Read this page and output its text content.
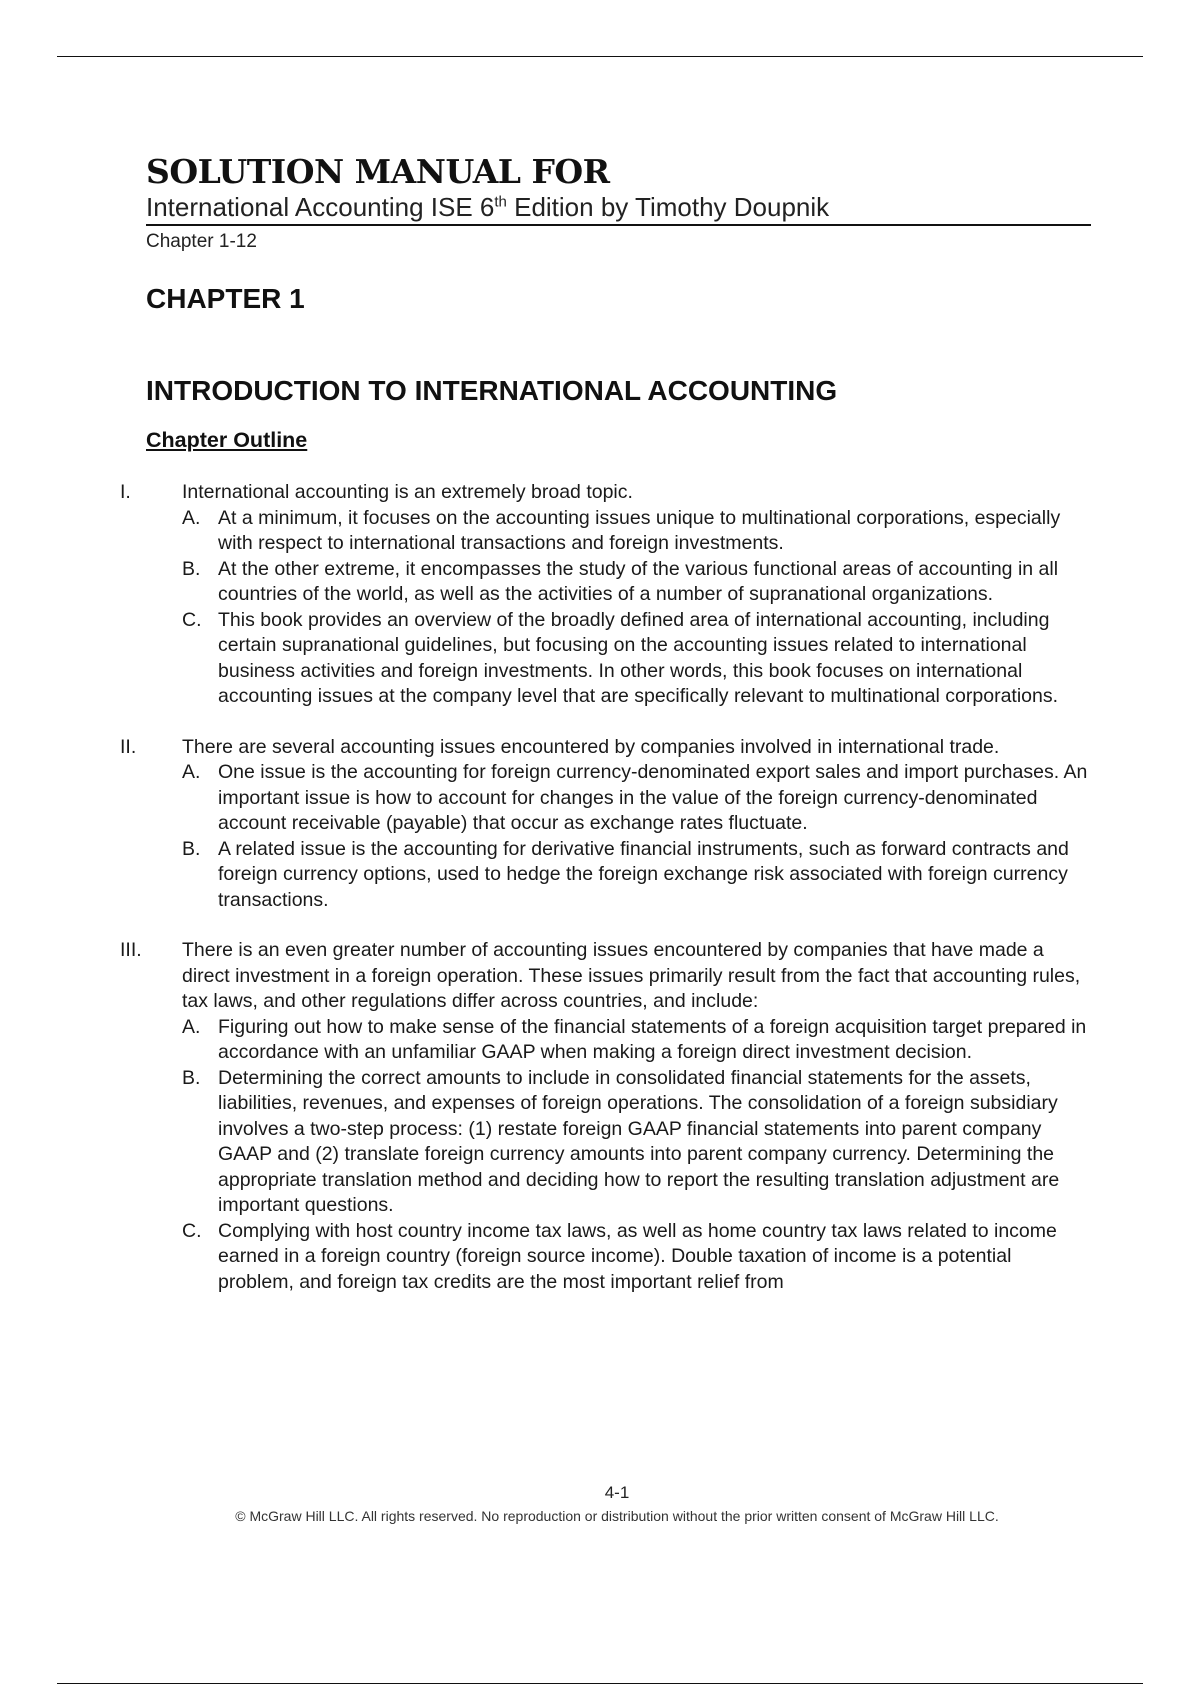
SOLUTION MANUAL FOR
International Accounting ISE 6th Edition by Timothy Doupnik
Chapter 1-12
CHAPTER 1
INTRODUCTION TO INTERNATIONAL ACCOUNTING
Chapter Outline
I.	International accounting is an extremely broad topic.
A. At a minimum, it focuses on the accounting issues unique to multinational corporations, especially with respect to international transactions and foreign investments.
B. At the other extreme, it encompasses the study of the various functional areas of accounting in all countries of the world, as well as the activities of a number of supranational organizations.
C. This book provides an overview of the broadly defined area of international accounting, including certain supranational guidelines, but focusing on the accounting issues related to international business activities and foreign investments. In other words, this book focuses on international accounting issues at the company level that are specifically relevant to multinational corporations.
II.	There are several accounting issues encountered by companies involved in international trade.
A. One issue is the accounting for foreign currency-denominated export sales and import purchases. An important issue is how to account for changes in the value of the foreign currency-denominated account receivable (payable) that occur as exchange rates fluctuate.
B. A related issue is the accounting for derivative financial instruments, such as forward contracts and foreign currency options, used to hedge the foreign exchange risk associated with foreign currency transactions.
III.	There is an even greater number of accounting issues encountered by companies that have made a direct investment in a foreign operation. These issues primarily result from the fact that accounting rules, tax laws, and other regulations differ across countries, and include:
A. Figuring out how to make sense of the financial statements of a foreign acquisition target prepared in accordance with an unfamiliar GAAP when making a foreign direct investment decision.
B. Determining the correct amounts to include in consolidated financial statements for the assets, liabilities, revenues, and expenses of foreign operations. The consolidation of a foreign subsidiary involves a two-step process: (1) restate foreign GAAP financial statements into parent company GAAP and (2) translate foreign currency amounts into parent company currency. Determining the appropriate translation method and deciding how to report the resulting translation adjustment are important questions.
C. Complying with host country income tax laws, as well as home country tax laws related to income earned in a foreign country (foreign source income). Double taxation of income is a potential problem, and foreign tax credits are the most important relief from
4-1
© McGraw Hill LLC. All rights reserved. No reproduction or distribution without the prior written consent of McGraw Hill LLC.
